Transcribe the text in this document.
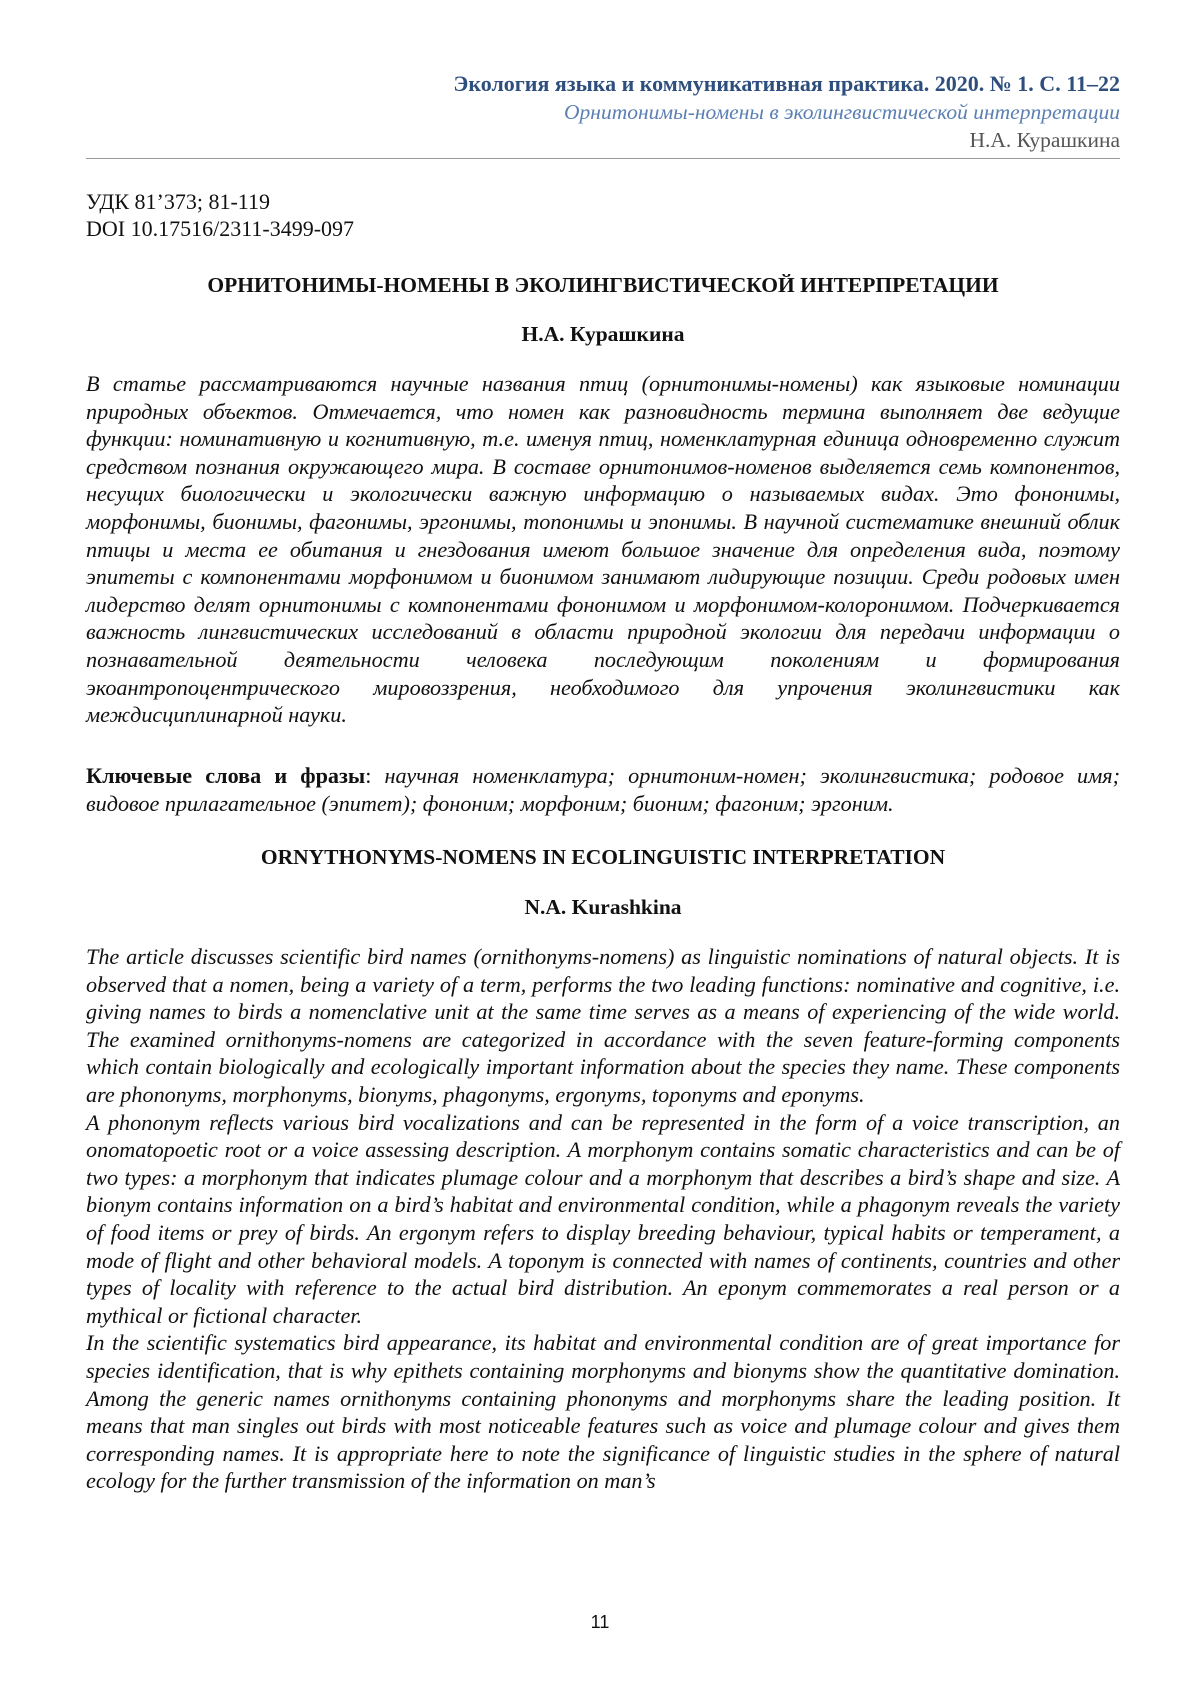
Экология языка и коммуникативная практика. 2020. № 1. С. 11–22
Орнитонимы-номены в эколингвистической интерпретации
Н.А. Курашкина
УДК 81’373; 81-119
DOI 10.17516/2311-3499-097
ОРНИТОНИМЫ-НОМЕНЫ В ЭКОЛИНГВИСТИЧЕСКОЙ ИНТЕРПРЕТАЦИИ
Н.А. Курашкина
В статье рассматриваются научные названия птиц (орнитонимы-номены) как языковые номинации природных объектов. Отмечается, что номен как разновидность термина выполняет две ведущие функции: номинативную и когнитивную, т.е. именуя птиц, номенклатурная единица одновременно служит средством познания окружающего мира. В составе орнитонимов-номенов выделяется семь компонентов, несущих биологически и экологически важную информацию о называемых видах. Это фононимы, морфонимы, бионимы, фагонимы, эргонимы, топонимы и эпонимы. В научной систематике внешний облик птицы и места ее обитания и гнездования имеют большое значение для определения вида, поэтому эпитеты с компонентами морфонимом и бионимом занимают лидирующие позиции. Среди родовых имен лидерство делят орнитонимы с компонентами фононимом и морфонимом-колоронимом. Подчеркивается важность лингвистических исследований в области природной экологии для передачи информации о познавательной деятельности человека последующим поколениям и формирования экоантропоцентрического мировоззрения, необходимого для упрочения эколингвистики как междисциплинарной науки.
Ключевые слова и фразы: научная номенклатура; орнитоним-номен; эколингвистика; родовое имя; видовое прилагательное (эпитет); фононим; морфоним; бионим; фагоним; эргоним.
ORNYTHONYMS-NOMENS IN ECOLINGUISTIC INTERPRETATION
N.A. Kurashkina

The article discusses scientific bird names (ornithonyms-nomens) as linguistic nominations of natural objects. It is observed that a nomen, being a variety of a term, performs the two leading functions: nominative and cognitive, i.e. giving names to birds a nomenclative unit at the same time serves as a means of experiencing of the wide world. The examined ornithonyms-nomens are categorized in accordance with the seven feature-forming components which contain biologically and ecologically important information about the species they name. These components are phononyms, morphonyms, bionyms, phagonyms, ergonyms, toponyms and eponyms.

A phononym reflects various bird vocalizations and can be represented in the form of a voice transcription, an onomatopoetic root or a voice assessing description. A morphonym contains somatic characteristics and can be of two types: a morphonym that indicates plumage colour and a morphonym that describes a bird’s shape and size. A bionym contains information on a bird’s habitat and environmental condition, while a phagonym reveals the variety of food items or prey of birds. An ergonym refers to display breeding behaviour, typical habits or temperament, a mode of flight and other behavioral models. A toponym is connected with names of continents, countries and other types of locality with reference to the actual bird distribution. An eponym commemorates a real person or a mythical or fictional character.

In the scientific systematics bird appearance, its habitat and environmental condition are of great importance for species identification, that is why epithets containing morphonyms and bionyms show the quantitative domination. Among the generic names ornithonyms containing phononyms and morphonyms share the leading position. It means that man singles out birds with most noticeable features such as voice and plumage colour and gives them corresponding names. It is appropriate here to note the significance of linguistic studies in the sphere of natural ecology for the further transmission of the information on man’s

11
